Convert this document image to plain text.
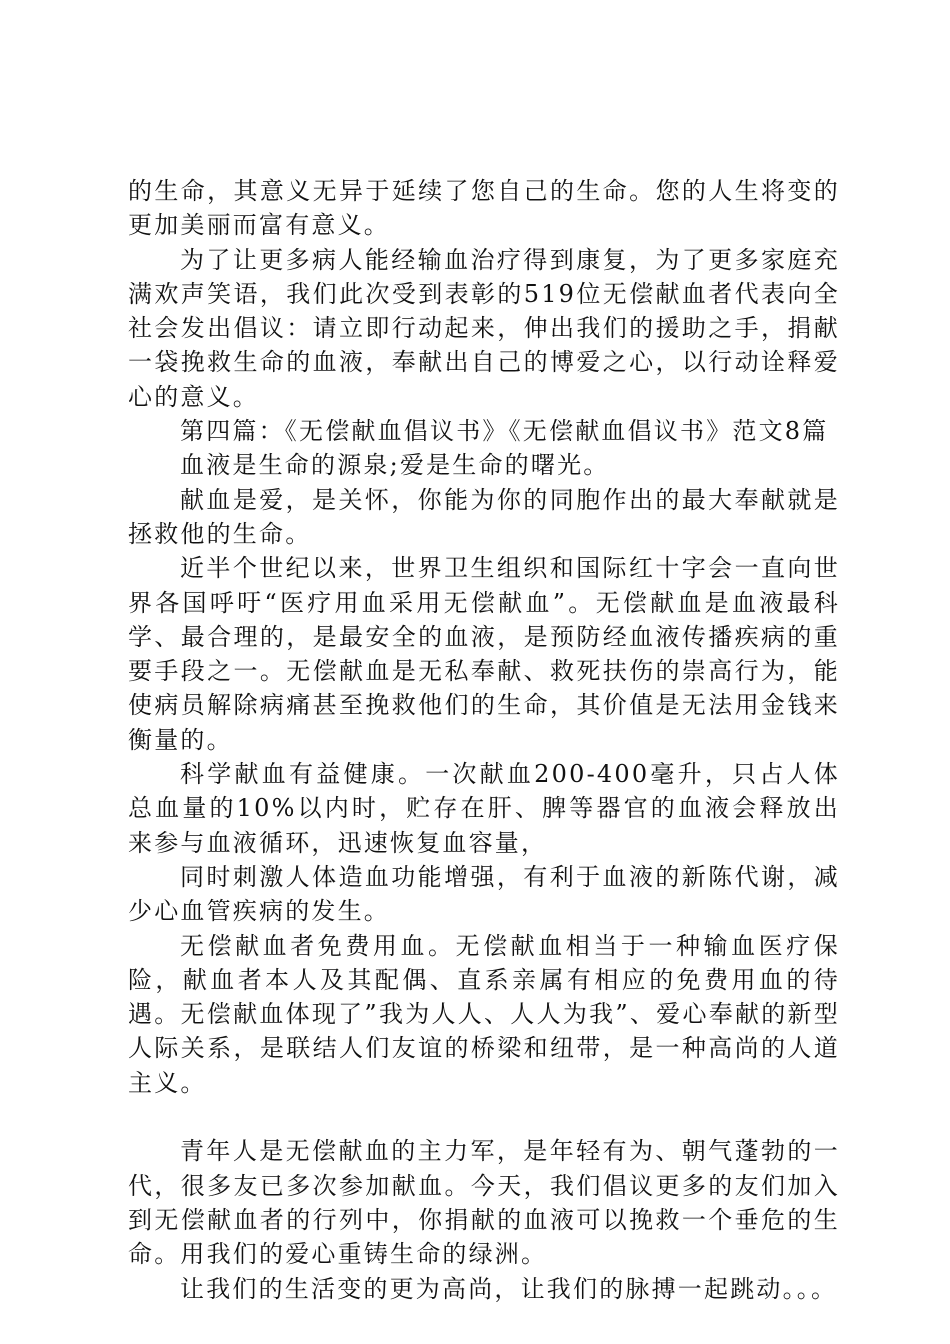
的生命，其意义无异于延续了您自己的生命。您的人生将变的更加美丽而富有意义。

为了让更多病人能经输血治疗得到康复，为了更多家庭充满欢声笑语，我们此次受到表彰的519位无偿献血者代表向全社会发出倡议：请立即行动起来，伸出我们的援助之手，捐献一袋挽救生命的血液，奉献出自己的博爱之心，以行动诠释爱心的意义。

第四篇：《无偿献血倡议书》《无偿献血倡议书》范文8篇

血液是生命的源泉;爱是生命的曙光。

献血是爱，是关怀，你能为你的同胞作出的最大奉献就是拯救他的生命。

近半个世纪以来，世界卫生组织和国际红十字会一直向世界各国呼吁“医疗用血采用无偿献血”。无偿献血是血液最科学、最合理的，是最安全的血液，是预防经血液传播疾病的重要手段之一。无偿献血是无私奉献、救死扶伤的崇高行为，能使病员解除病痛甚至挽救他们的生命，其价值是无法用金钱来衡量的。

科学献血有益健康。一次献血200-400毫升，只占人体总血量的10%以内时，贮存在肝、脾等器官的血液会释放出来参与血液循环，迅速恢复血容量，

同时刺激人体造血功能增强，有利于血液的新陈代谢，减少心血管疾病的发生。

无偿献血者免费用血。无偿献血相当于一种输血医疗保险，献血者本人及其配偶、直系亲属有相应的免费用血的待遇。无偿献血体现了”我为人人、人人为我”、爱心奉献的新型人际关系，是联结人们友谊的桥梁和纽带，是一种高尚的人道主义。

青年人是无偿献血的主力军，是年轻有为、朝气蓬勃的一代，很多友已多次参加献血。今天，我们倡议更多的友们加入到无偿献血者的行列中，你捐献的血液可以挽救一个垂危的生命。用我们的爱心重铸生命的绿洲。

让我们的生活变的更为高尚，让我们的脉搏一起跳动。。。
